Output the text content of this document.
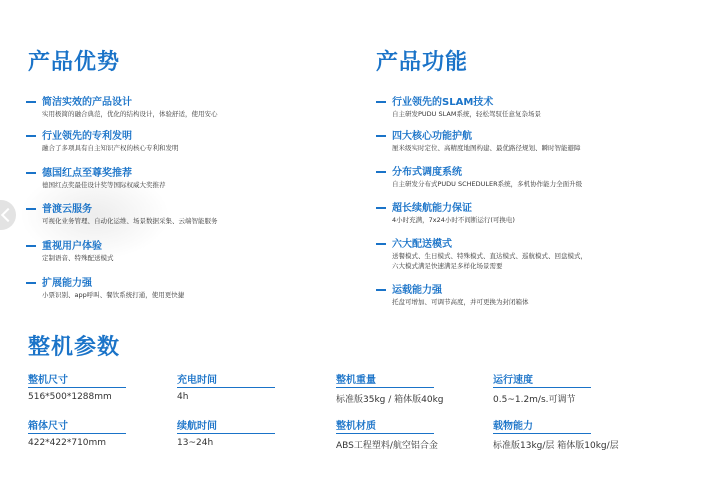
产品优势
简洁实效的产品设计
实用极简的融合典范，优化的结构设计，体验舒适，使用安心
行业领先的专利发明
融合了多项具有自主知识产权的核心专利和发明
德国红点至尊奖推荐
德国红点奖最佳设计奖等国际权威大奖推荐
普渡云服务
可视化业务管理、自动化运维、场景数据采集、云端智能服务
重视用户体验
定制语音、特殊配送模式
扩展能力强
小票识别、app呼叫、餐饮系统打通，使用更快捷
产品功能
行业领先的SLAM技术
自主研发PUDU SLAM系统，轻松驾驭任意复杂场景
四大核心功能护航
厘米级实时定位、高精度地图构建、最优路径规划、瞬时智能避障
分布式调度系统
自主研发分布式PUDU SCHEDULER系统，多机协作能力全面升级
超长续航能力保证
4小时充满，7x24小时不间断运行(可换电)
六大配送模式
送餐模式、生日模式、特殊模式、直达模式、巡航模式、回盘模式，
六大模式满足快速满足多样化场景需要
运载能力强
托盘可增加、可调节高度，并可更换为封闭箱体
整机参数
整机尺寸
516*500*1288mm
充电时间
4h
整机重量
标准版35kg / 箱体版40kg
运行速度
0.5~1.2m/s.可调节
箱体尺寸
422*422*710mm
续航时间
13~24h
整机材质
ABS工程塑料/航空铝合金
载物能力
标准版13kg/层 箱体版10kg/层
